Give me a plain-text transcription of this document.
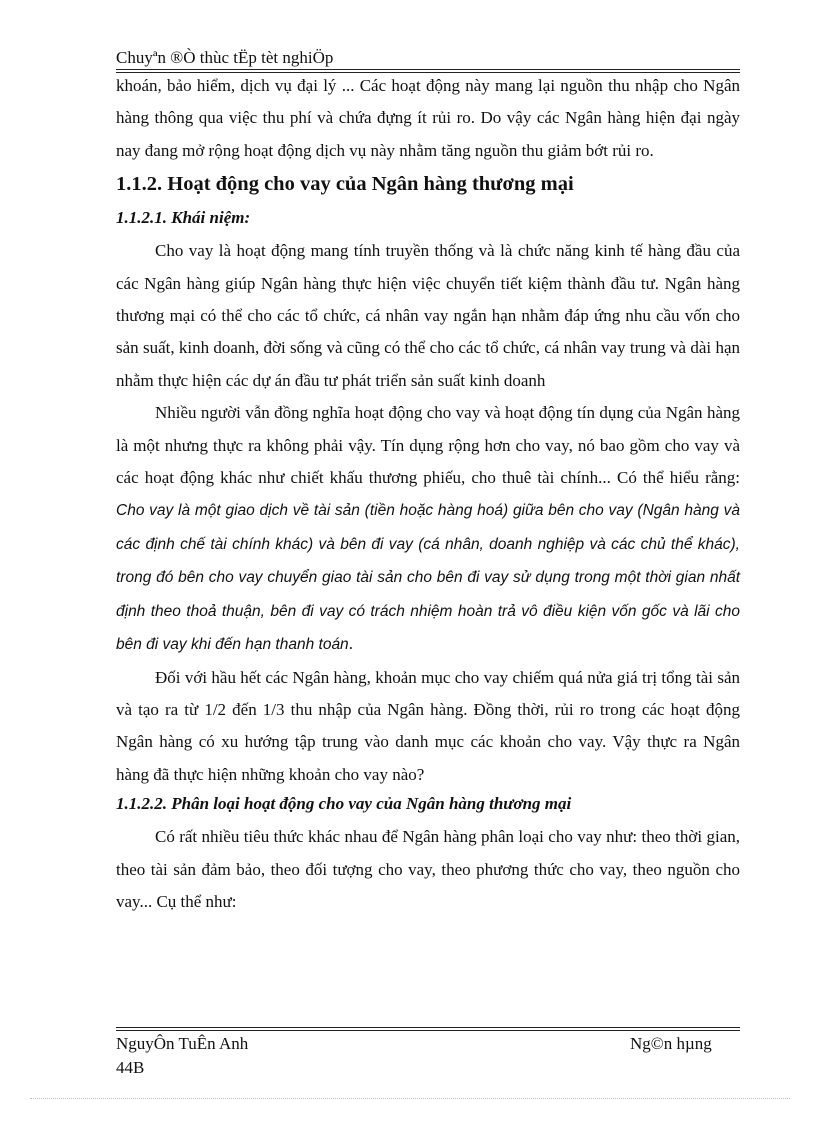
Chuyªn ®Ò thùc tËp tèt nghiÖp

khoán, bảo hiểm, dịch vụ đại lý ... Các hoạt động này mang lại nguồn thu nhập cho Ngân hàng thông qua việc thu phí và chứa đựng ít rủi ro. Do vậy các Ngân hàng hiện đại ngày nay đang mở rộng hoạt động dịch vụ này nhằm tăng nguồn thu giảm bớt rủi ro.

1.1.2. Hoạt động cho vay của Ngân hàng thương mại
1.1.2.1. Khái niệm:

Cho vay là hoạt động mang tính truyền thống và là chức năng kinh tế hàng đầu của các Ngân hàng giúp Ngân hàng thực hiện việc chuyển tiết kiệm thành đầu tư. Ngân hàng thương mại có thể cho các tổ chức, cá nhân vay ngắn hạn nhằm đáp ứng nhu cầu vốn cho sản suất, kinh doanh, đời sống và cũng có thể cho các tổ chức, cá nhân vay trung và dài hạn nhằm thực hiện các dự án đầu tư phát triển sản suất kinh doanh

Nhiều người vẫn đồng nghĩa hoạt động cho vay và hoạt động tín dụng của Ngân hàng là một nhưng thực ra không phải vậy. Tín dụng rộng hơn cho vay, nó bao gồm cho vay và các hoạt động khác như chiết khấu thương phiếu, cho thuê tài chính... Có thể hiểu rằng: Cho vay là một giao dịch về tài sản (tiền hoặc hàng hoá) giữa bên cho vay (Ngân hàng và các định chế tài chính khác) và bên đi vay (cá nhân, doanh nghiệp và các chủ thể khác), trong đó bên cho vay chuyển giao tài sản cho bên đi vay sử dụng trong một thời gian nhất định theo thoả thuận, bên đi vay có trách nhiệm hoàn trả vô điều kiện vốn gốc và lãi cho bên đi vay khi đến hạn thanh toán.

Đối với hầu hết các Ngân hàng, khoản mục cho vay chiếm quá nửa giá trị tổng tài sản và tạo ra từ 1/2 đến 1/3 thu nhập của Ngân hàng. Đồng thời, rủi ro trong các hoạt động Ngân hàng có xu hướng tập trung vào danh mục các khoản cho vay. Vậy thực ra Ngân hàng đã thực hiện những khoản cho vay nào?

1.1.2.2. Phân loại hoạt động cho vay của Ngân hàng thương mại

Có rất nhiều tiêu thức khác nhau để Ngân hàng phân loại cho vay như: theo thời gian, theo tài sản đảm bảo, theo đối tượng cho vay, theo phương thức cho vay, theo nguồn cho vay... Cụ thể như:

NguyÔn TuÊn Anh
44B
Ng©n hµng
